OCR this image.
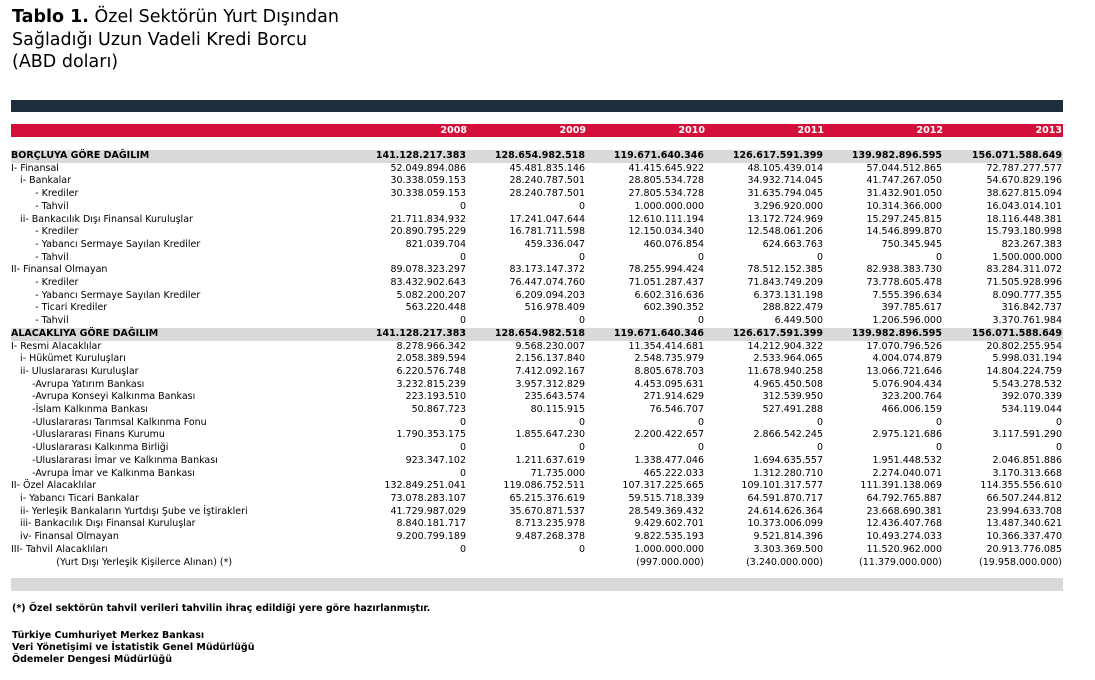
Tablo 1. Özel Sektörün Yurt Dışından
Sağladığı Uzun Vadeli Kredi Borcu
(ABD doları)
2008	2009	2010	2011	2012	2013
BORÇLUYA GÖRE DAĞILIM	141.128.217.383	128.654.982.518	119.671.640.346	126.617.591.399	139.982.896.595	156.071.588.649
I- Finansal	52.049.894.086	45.481.835.146	41.415.645.922	48.105.439.014	57.044.512.865	72.787.277.577
i- Bankalar	30.338.059.153	28.240.787.501	28.805.534.728	34.932.714.045	41.747.267.050	54.670.829.196
- Krediler	30.338.059.153	28.240.787.501	27.805.534.728	31.635.794.045	31.432.901.050	38.627.815.094
- Tahvil	0	0	1.000.000.000	3.296.920.000	10.314.366.000	16.043.014.101
ii- Bankacılık Dışı Finansal Kuruluşlar	21.711.834.932	17.241.047.644	12.610.111.194	13.172.724.969	15.297.245.815	18.116.448.381
- Krediler	20.890.795.229	16.781.711.598	12.150.034.340	12.548.061.206	14.546.899.870	15.793.180.998
- Yabancı Sermaye Sayılan Krediler	821.039.704	459.336.047	460.076.854	624.663.763	750.345.945	823.267.383
- Tahvil	0	0	0	0	0	1.500.000.000
II- Finansal Olmayan	89.078.323.297	83.173.147.372	78.255.994.424	78.512.152.385	82.938.383.730	83.284.311.072
- Krediler	83.432.902.643	76.447.074.760	71.051.287.437	71.843.749.209	73.778.605.478	71.505.928.996
- Yabancı Sermaye Sayılan Krediler	5.082.200.207	6.209.094.203	6.602.316.636	6.373.131.198	7.555.396.634	8.090.777.355
- Ticari Krediler	563.220.448	516.978.409	602.390.352	288.822.479	397.785.617	316.842.737
- Tahvil	0	0	0	6.449.500	1.206.596.000	3.370.761.984
ALACAKLIYA GÖRE DAĞILIM	141.128.217.383	128.654.982.518	119.671.640.346	126.617.591.399	139.982.896.595	156.071.588.649
I- Resmi Alacaklılar	8.278.966.342	9.568.230.007	11.354.414.681	14.212.904.322	17.070.796.526	20.802.255.954
i- Hükümet Kuruluşları	2.058.389.594	2.156.137.840	2.548.735.979	2.533.964.065	4.004.074.879	5.998.031.194
ii- Uluslararası Kuruluşlar	6.220.576.748	7.412.092.167	8.805.678.703	11.678.940.258	13.066.721.646	14.804.224.759
-Avrupa Yatırım Bankası	3.232.815.239	3.957.312.829	4.453.095.631	4.965.450.508	5.076.904.434	5.543.278.532
-Avrupa Konseyi Kalkınma Bankası	223.193.510	235.643.574	271.914.629	312.539.950	323.200.764	392.070.339
-İslam Kalkınma Bankası	50.867.723	80.115.915	76.546.707	527.491.288	466.006.159	534.119.044
-Uluslararası Tarımsal Kalkınma Fonu	0	0	0	0	0	0
-Uluslararası Finans Kurumu	1.790.353.175	1.855.647.230	2.200.422.657	2.866.542.245	2.975.121.686	3.117.591.290
-Uluslararası Kalkınma Birliği	0	0	0	0	0	0
-Uluslararası İmar ve Kalkınma Bankası	923.347.102	1.211.637.619	1.338.477.046	1.694.635.557	1.951.448.532	2.046.851.886
-Avrupa İmar ve Kalkınma Bankası	0	71.735.000	465.222.033	1.312.280.710	2.274.040.071	3.170.313.668
II- Özel Alacaklılar	132.849.251.041	119.086.752.511	107.317.225.665	109.101.317.577	111.391.138.069	114.355.556.610
i- Yabancı Ticari Bankalar	73.078.283.107	65.215.376.619	59.515.718.339	64.591.870.717	64.792.765.887	66.507.244.812
ii- Yerleşik Bankaların Yurtdışı Şube ve İştirakleri	41.729.987.029	35.670.871.537	28.549.369.432	24.614.626.364	23.668.690.381	23.994.633.708
iii- Bankacılık Dışı Finansal Kuruluşlar	8.840.181.717	8.713.235.978	9.429.602.701	10.373.006.099	12.436.407.768	13.487.340.621
iv- Finansal Olmayan	9.200.799.189	9.487.268.378	9.822.535.193	9.521.814.396	10.493.274.033	10.366.337.470
III- Tahvil Alacaklıları	0	0	1.000.000.000	3.303.369.500	11.520.962.000	20.913.776.085
(Yurt Dışı Yerleşik Kişilerce Alınan) (*)			(997.000.000)	(3.240.000.000)	(11.379.000.000)	(19.958.000.000)
(*) Özel sektörün tahvil verileri tahvilin ihraç edildiği yere göre hazırlanmıştır.
Türkiye Cumhuriyet Merkez Bankası
Veri Yönetişimi ve İstatistik Genel Müdürlüğü
Ödemeler Dengesi Müdürlüğü
